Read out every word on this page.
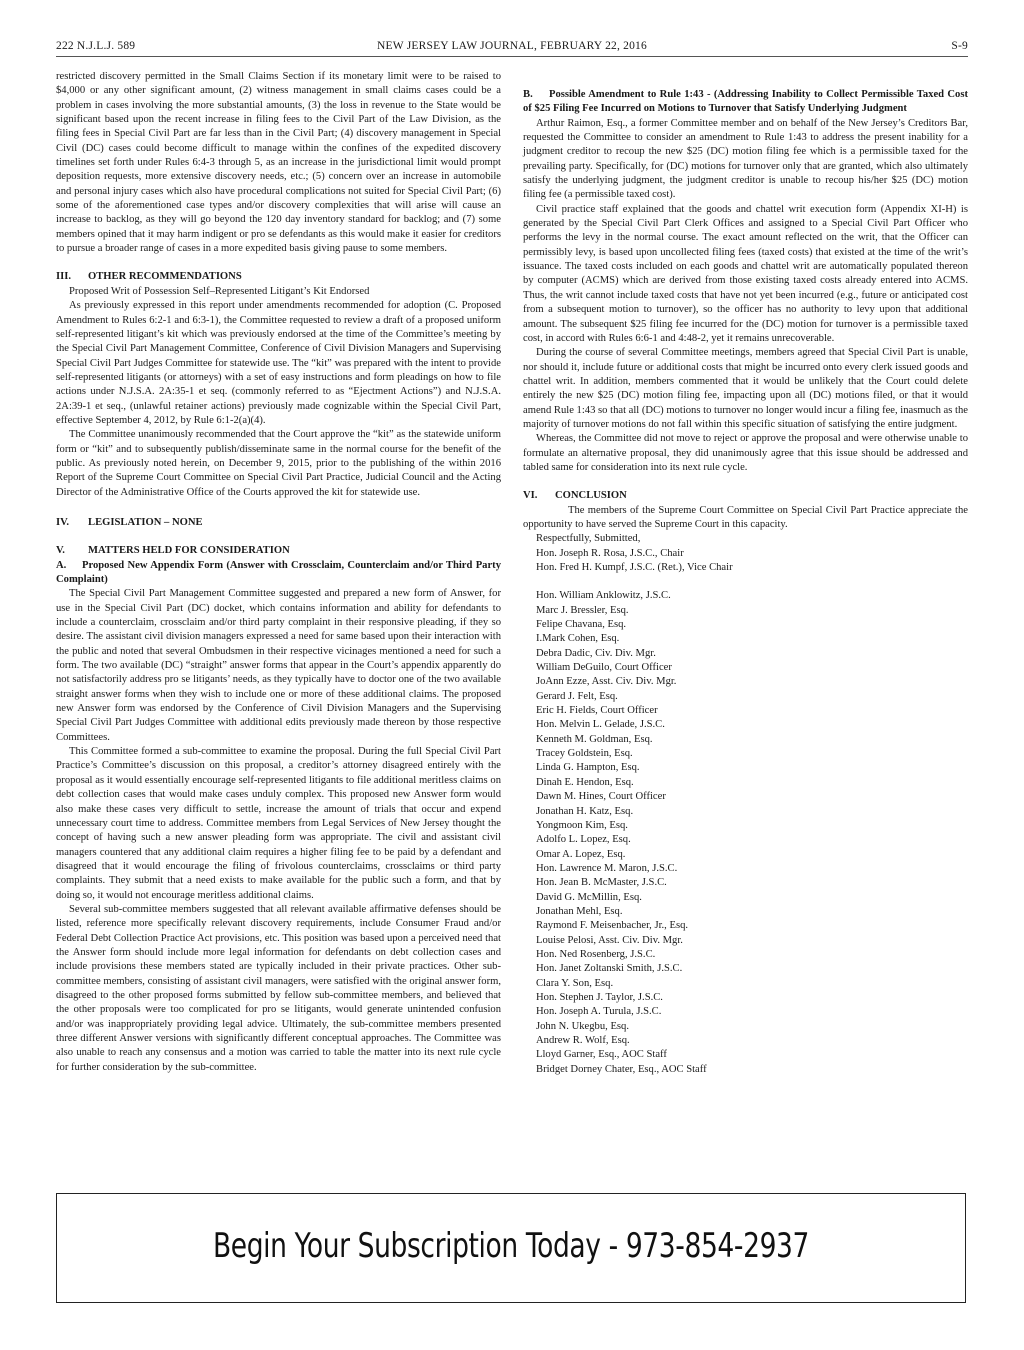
222 N.J.L.J. 589	NEW JERSEY LAW JOURNAL, FEBRUARY 22, 2016	S-9

restricted discovery permitted in the Small Claims Section if its monetary limit were to be raised to $4,000 or any other significant amount, (2) witness management in small claims cases could be a problem in cases involving the more substantial amounts, (3) the loss in revenue to the State would be significant based upon the recent increase in filing fees to the Civil Part of the Law Division, as the filing fees in Special Civil Part are far less than in the Civil Part; (4) discovery management in Special Civil (DC) cases could become difficult to manage within the confines of the expedited discovery timelines set forth under Rules 6:4-3 through 5, as an increase in the jurisdictional limit would prompt deposition requests, more extensive discovery needs, etc.; (5) concern over an increase in automobile and personal injury cases which also have procedural complications not suited for Special Civil Part; (6) some of the aforementioned case types and/or discovery complexities that will arise will cause an increase to backlog, as they will go beyond the 120 day inventory standard for backlog; and (7) some members opined that it may harm indigent or pro se defendants as this would make it easier for creditors to pursue a broader range of cases in a more expedited basis giving pause to some members.

III. OTHER RECOMMENDATIONS

Proposed Writ of Possession Self–Represented Litigant’s Kit Endorsed

As previously expressed in this report under amendments recommended for adoption (C. Proposed Amendment to Rules 6:2-1 and 6:3-1), the Committee requested to review a draft of a proposed uniform self-represented litigant’s kit which was previously endorsed at the time of the Committee’s meeting by the Special Civil Part Management Committee, Conference of Civil Division Managers and Supervising Special Civil Part Judges Committee for statewide use. The “kit” was prepared with the intent to provide self-represented litigants (or attorneys) with a set of easy instructions and form pleadings on how to file actions under N.J.S.A. 2A:35-1 et seq. (commonly referred to as “Ejectment Actions”) and N.J.S.A. 2A:39-1 et seq., (unlawful retainer actions) previously made cognizable within the Special Civil Part, effective September 4, 2012, by Rule 6:1-2(a)(4).

The Committee unanimously recommended that the Court approve the “kit” as the statewide uniform form or “kit” and to subsequently publish/disseminate same in the normal course for the benefit of the public. As previously noted herein, on December 9, 2015, prior to the publishing of the within 2016 Report of the Supreme Court Committee on Special Civil Part Practice, Judicial Council and the Acting Director of the Administrative Office of the Courts approved the kit for statewide use.

IV. LEGISLATION – NONE
V. MATTERS HELD FOR CONSIDERATION
A. Proposed New Appendix Form (Answer with Crossclaim, Counterclaim and/or Third Party Complaint)

The Special Civil Part Management Committee suggested and prepared a new form of Answer, for use in the Special Civil Part (DC) docket, which contains information and ability for defendants to include a counterclaim, crossclaim and/or third party complaint in their responsive pleading, if they so desire. The assistant civil division managers expressed a need for same based upon their interaction with the public and noted that several Ombudsmen in their respective vicinages mentioned a need for such a form. The two available (DC) “straight” answer forms that appear in the Court’s appendix apparently do not satisfactorily address pro se litigants’ needs, as they typically have to doctor one of the two available straight answer forms when they wish to include one or more of these additional claims. The proposed new Answer form was endorsed by the Conference of Civil Division Managers and the Supervising Special Civil Part Judges Committee with additional edits previously made thereon by those respective Committees.

This Committee formed a sub-committee to examine the proposal. During the full Special Civil Part Practice’s Committee’s discussion on this proposal, a creditor’s attorney disagreed entirely with the proposal as it would essentially encourage self-represented litigants to file additional meritless claims on debt collection cases that would make cases unduly complex. This proposed new Answer form would also make these cases very difficult to settle, increase the amount of trials that occur and expend unnecessary court time to address. Committee members from Legal Services of New Jersey thought the concept of having such a new answer pleading form was appropriate. The civil and assistant civil managers countered that any additional claim requires a higher filing fee to be paid by a defendant and disagreed that it would encourage the filing of frivolous counterclaims, crossclaims or third party complaints. They submit that a need exists to make available for the public such a form, and that by doing so, it would not encourage meritless additional claims.

Several sub-committee members suggested that all relevant available affirmative defenses should be listed, reference more specifically relevant discovery requirements, include Consumer Fraud and/or Federal Debt Collection Practice Act provisions, etc. This position was based upon a perceived need that the Answer form should include more legal information for defendants on debt collection cases and include provisions these members stated are typically included in their private practices. Other sub-committee members, consisting of assistant civil managers, were satisfied with the original answer form, disagreed to the other proposed forms submitted by fellow sub-committee members, and believed that the other proposals were too complicated for pro se litigants, would generate unintended confusion and/or was inappropriately providing legal advice. Ultimately, the sub-committee members presented three different Answer versions with significantly different conceptual approaches. The Committee was also unable to reach any consensus and a motion was carried to table the matter into its next rule cycle for further consideration by the sub-committee.

B. Possible Amendment to Rule 1:43 - (Addressing Inability to Collect Permissible Taxed Cost of $25 Filing Fee Incurred on Motions to Turnover that Satisfy Underlying Judgment

Arthur Raimon, Esq., a former Committee member and on behalf of the New Jersey’s Creditors Bar, requested the Committee to consider an amendment to Rule 1:43 to address the present inability for a judgment creditor to recoup the new $25 (DC) motion filing fee which is a permissible taxed for the prevailing party. Specifically, for (DC) motions for turnover only that are granted, which also ultimately satisfy the underlying judgment, the judgment creditor is unable to recoup his/her $25 (DC) motion filing fee (a permissible taxed cost).

Civil practice staff explained that the goods and chattel writ execution form (Appendix XI-H) is generated by the Special Civil Part Clerk Offices and assigned to a Special Civil Part Officer who performs the levy in the normal course. The exact amount reflected on the writ, that the Officer can permissibly levy, is based upon uncollected filing fees (taxed costs) that existed at the time of the writ’s issuance. The taxed costs included on each goods and chattel writ are automatically populated thereon by computer (ACMS) which are derived from those existing taxed costs already entered into ACMS. Thus, the writ cannot include taxed costs that have not yet been incurred (e.g., future or anticipated cost from a subsequent motion to turnover), so the officer has no authority to levy upon that additional amount. The subsequent $25 filing fee incurred for the (DC) motion for turnover is a permissible taxed cost, in accord with Rules 6:6-1 and 4:48-2, yet it remains unrecoverable.

During the course of several Committee meetings, members agreed that Special Civil Part is unable, nor should it, include future or additional costs that might be incurred onto every clerk issued goods and chattel writ. In addition, members commented that it would be unlikely that the Court could delete entirely the new $25 (DC) motion filing fee, impacting upon all (DC) motions filed, or that it would amend Rule 1:43 so that all (DC) motions to turnover no longer would incur a filing fee, inasmuch as the majority of turnover motions do not fall within this specific situation of satisfying the entire judgment.

Whereas, the Committee did not move to reject or approve the proposal and were otherwise unable to formulate an alternative proposal, they did unanimously agree that this issue should be addressed and tabled same for consideration into its next rule cycle.

VI. CONCLUSION

The members of the Supreme Court Committee on Special Civil Part Practice appreciate the opportunity to have served the Supreme Court in this capacity.

Respectfully, Submitted,

Hon. Joseph R. Rosa, J.S.C., Chair

Hon. Fred H. Kumpf, J.S.C. (Ret.), Vice Chair

Hon. William Anklowitz, J.S.C.
Marc J. Bressler, Esq.
Felipe Chavana, Esq.
I.Mark Cohen, Esq.
Debra Dadic, Civ. Div. Mgr.
William DeGuilo, Court Officer
JoAnn Ezze, Asst. Civ. Div. Mgr.
Gerard J. Felt, Esq.
Eric H. Fields, Court Officer
Hon. Melvin L. Gelade, J.S.C.
Kenneth M. Goldman, Esq.
Tracey Goldstein, Esq.
Linda G. Hampton, Esq.
Dinah E. Hendon, Esq.
Dawn M. Hines, Court Officer
Jonathan H. Katz, Esq.
Yongmoon Kim, Esq.
Adolfo L. Lopez, Esq.
Omar A. Lopez, Esq.
Hon. Lawrence M. Maron, J.S.C.
Hon. Jean B. McMaster, J.S.C.
David G. McMillin, Esq.
Jonathan Mehl, Esq.
Raymond F. Meisenbacher, Jr., Esq.
Louise Pelosi, Asst. Civ. Div. Mgr.
Hon. Ned Rosenberg, J.S.C.
Hon. Janet Zoltanski Smith, J.S.C.
Clara Y. Son, Esq.
Hon. Stephen J. Taylor, J.S.C.
Hon. Joseph A. Turula, J.S.C.
John N. Ukegbu, Esq.
Andrew R. Wolf, Esq.
Lloyd Garner, Esq., AOC Staff
Bridget Dorney Chater, Esq., AOC Staff
Begin Your Subscription Today - 973-854-2937
